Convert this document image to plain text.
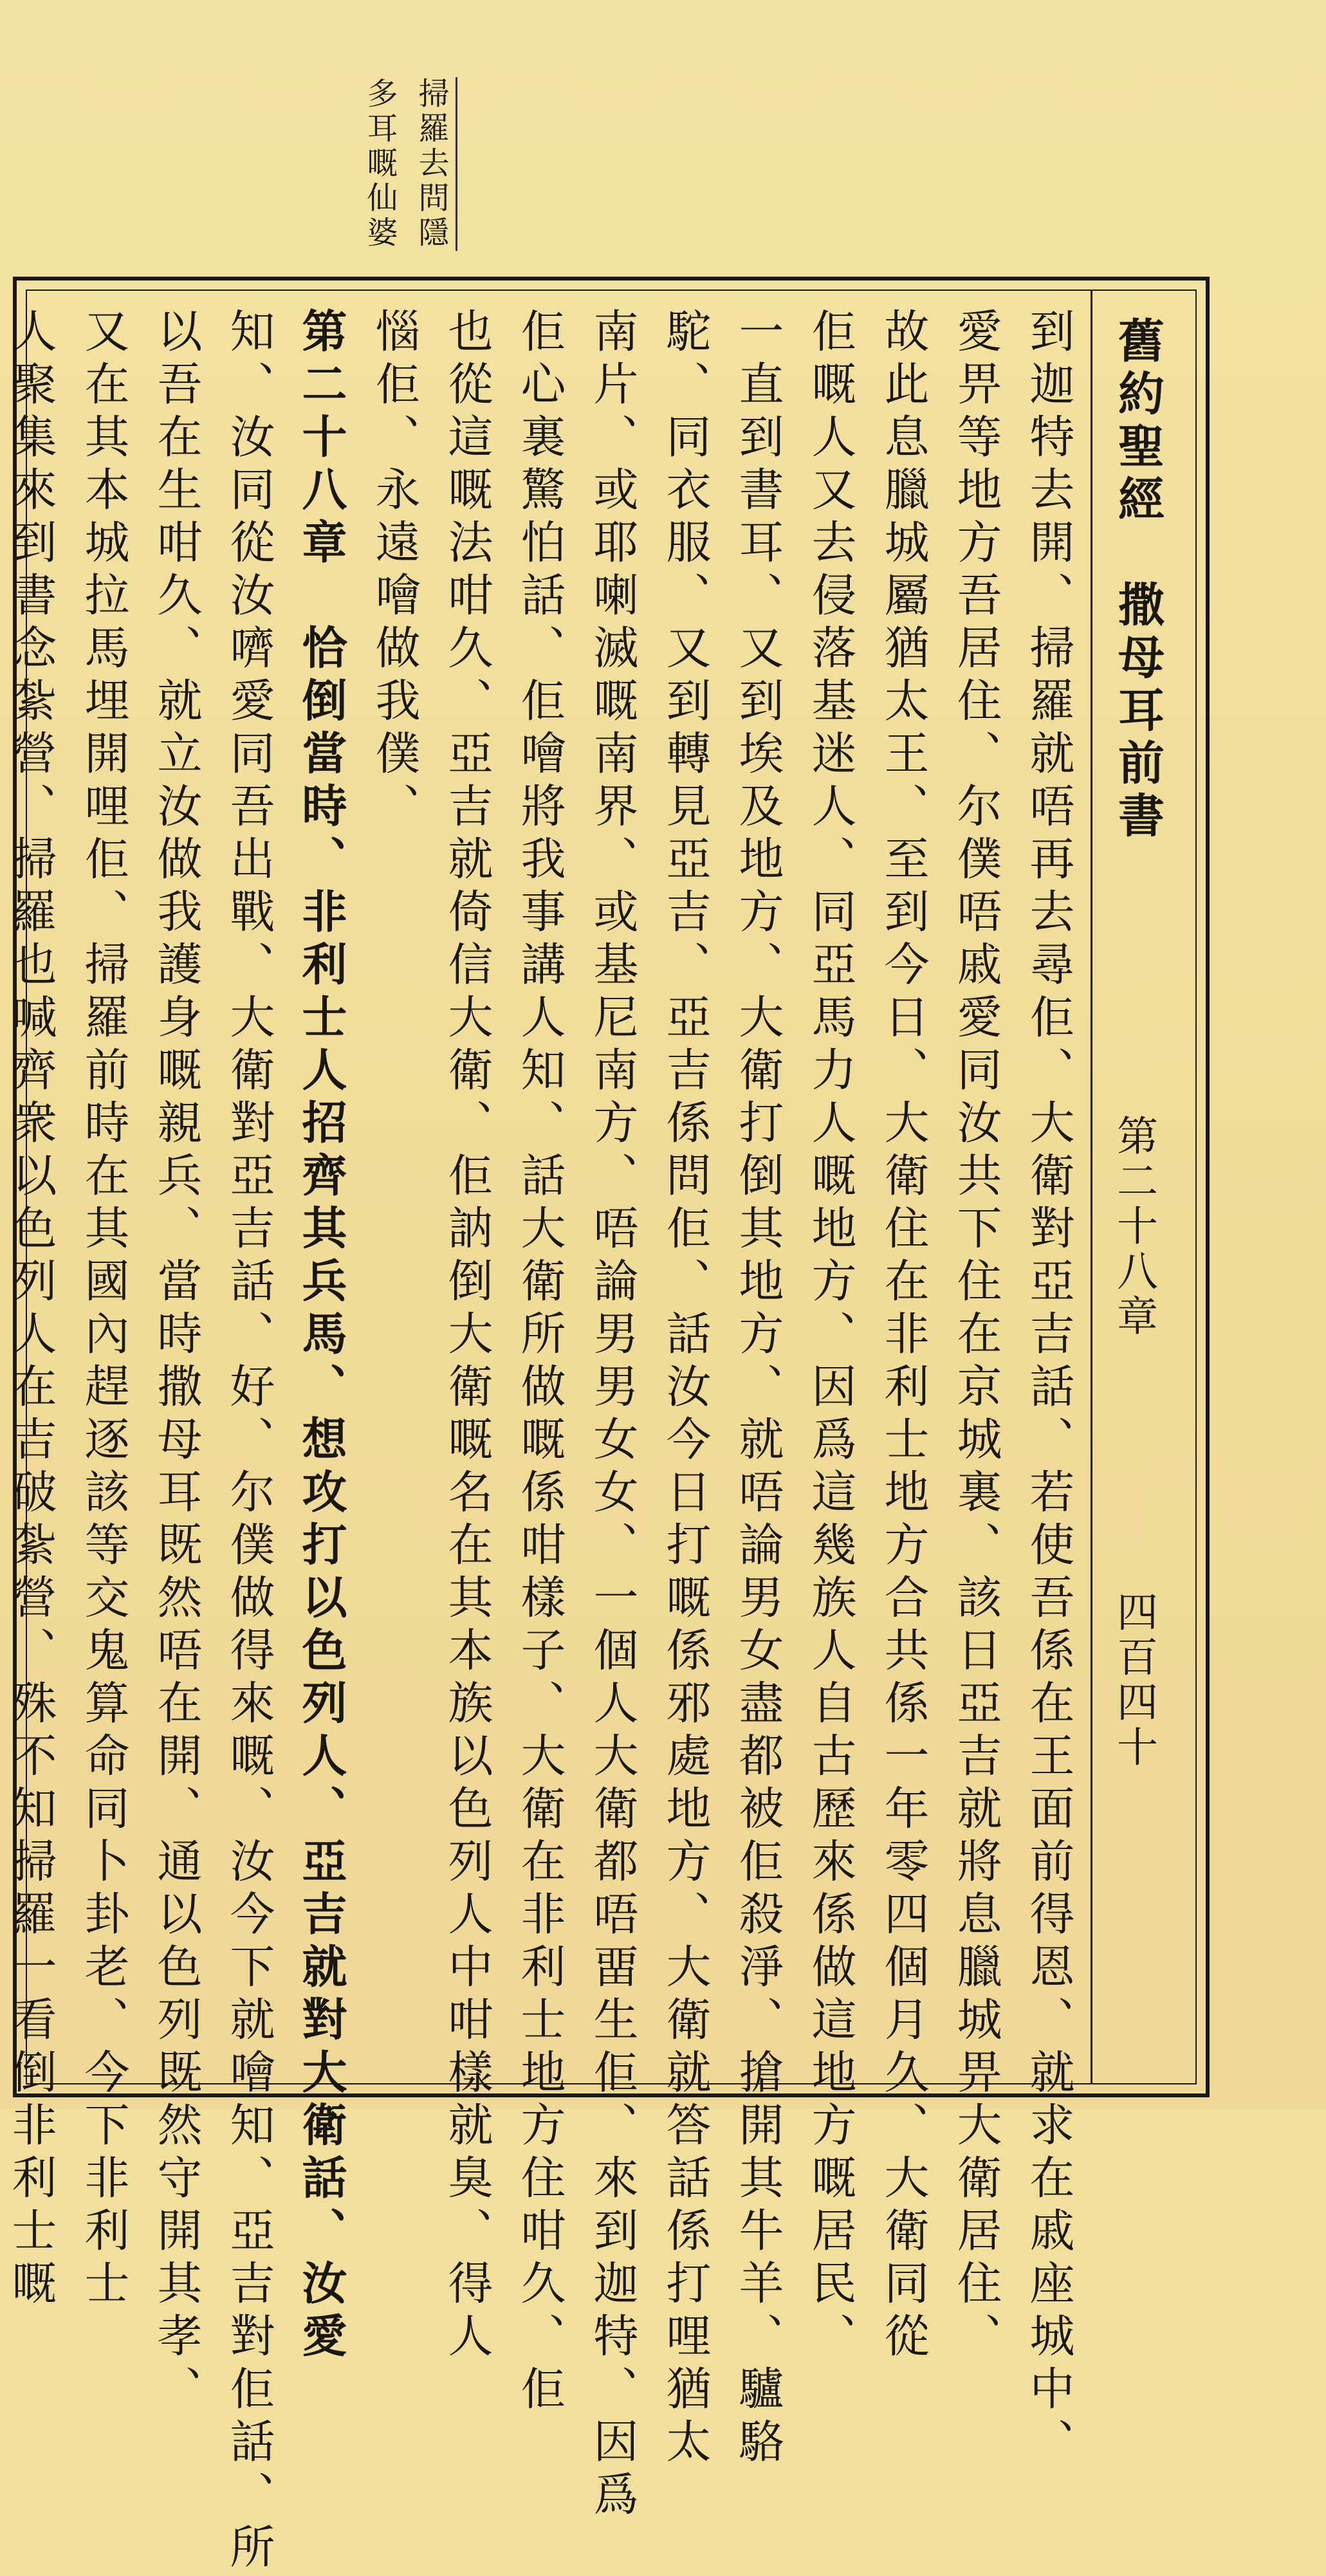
掃羅去問隱
多耳嘅仙婆
舊約聖經　撒母耳前書
第二十八章
四百四十
到迦特去開、掃羅就唔再去尋佢、大衛對亞吉話、若使吾係在王面前得恩、就求在戚座城中、
愛畀等地方吾居住、尔僕唔戚愛同汝共下住在京城裏、該日亞吉就將息臘城畀大衛居住、
故此息臘城屬猶太王、至到今日、大衛住在非利士地方合共係一年零四個月久、大衛同從
佢嘅人又去侵落基迷人、同亞馬力人嘅地方、因爲這幾族人自古歷來係做這地方嘅居民、
一直到書耳、又到埃及地方、大衛打倒其地方、就唔論男女盡都被佢殺淨、搶開其牛羊、驢駱
駝、同衣服、又到轉見亞吉、亞吉係問佢、話汝今日打嘅係邪處地方、大衛就答話係打哩猶太
南片、或耶喇滅嘅南界、或基尼南方、唔論男男女女、一個人大衛都唔畱生佢、來到迦特、因爲
佢心裏驚怕話、佢噲將我事講人知、話大衛所做嘅係咁樣子、大衛在非利士地方住咁久、佢
也從這嘅法咁久、亞吉就倚信大衛、佢訥倒大衛嘅名在其本族以色列人中咁樣就臭、得人
惱佢、永遠噲做我僕、
第二十八章　恰倒當時、非利士人招齊其兵馬、想攻打以色列人、亞吉就對大衛話、汝愛
知、汝同從汝嚌愛同吾出戰、大衛對亞吉話、好、尔僕做得來嘅、汝今下就噲知、亞吉對佢話、所
以吾在生咁久、就立汝做我護身嘅親兵、當時撒母耳既然唔在開、通以色列既然守開其孝、
又在其本城拉馬埋開哩佢、掃羅前時在其國內趕逐該等交鬼算命同卜卦老、今下非利士
人聚集來到書念紮營、掃羅也喊齊衆以色列人在吉破紮營、殊不知掃羅一看倒非利士嘅
